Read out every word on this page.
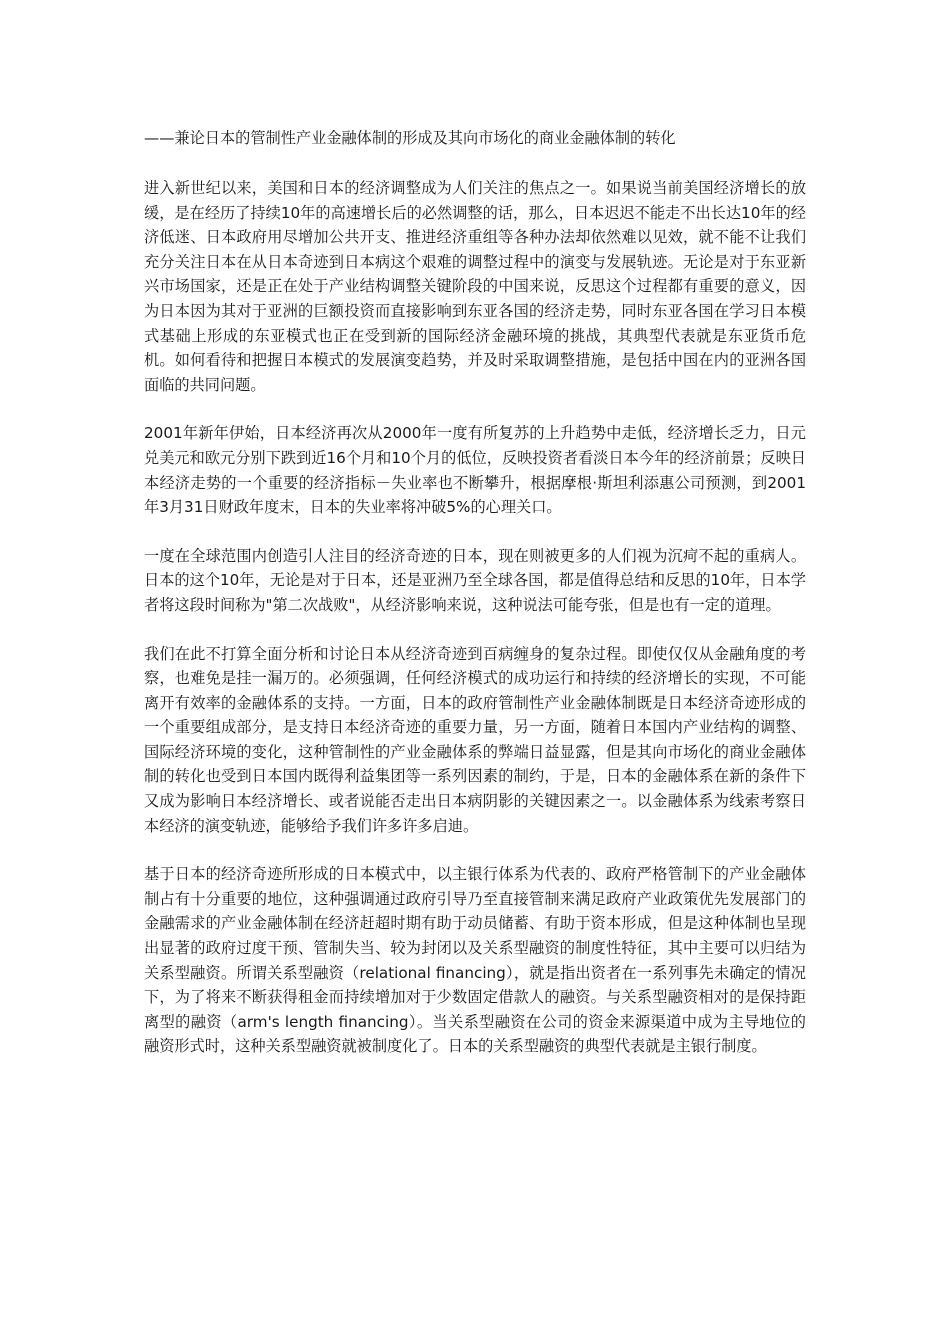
——兼论日本的管制性产业金融体制的形成及其向市场化的商业金融体制的转化

进入新世纪以来，美国和日本的经济调整成为人们关注的焦点之一。如果说当前美国经济增长的放缓，是在经历了持续10年的高速增长后的必然调整的话，那么，日本迟迟不能走不出长达10年的经济低迷、日本政府用尽增加公共开支、推进经济重组等各种办法却依然难以见效，就不能不让我们充分关注日本在从日本奇迹到日本病这个艰难的调整过程中的演变与发展轨迹。无论是对于东亚新兴市场国家，还是正在处于产业结构调整关键阶段的中国来说，反思这个过程都有重要的意义，因为日本因为其对于亚洲的巨额投资而直接影响到东亚各国的经济走势，同时东亚各国在学习日本模式基础上形成的东亚模式也正在受到新的国际经济金融环境的挑战，其典型代表就是东亚货币危机。如何看待和把握日本模式的发展演变趋势，并及时采取调整措施，是包括中国在内的亚洲各国面临的共同问题。

2001年新年伊始，日本经济再次从2000年一度有所复苏的上升趋势中走低，经济增长乏力，日元兑美元和欧元分别下跌到近16个月和10个月的低位，反映投资者看淡日本今年的经济前景；反映日本经济走势的一个重要的经济指标－失业率也不断攀升，根据摩根·斯坦利添惠公司预测，到2001年3月31日财政年度末，日本的失业率将冲破5%的心理关口。

一度在全球范围内创造引人注目的经济奇迹的日本，现在则被更多的人们视为沉疴不起的重病人。日本的这个10年，无论是对于日本，还是亚洲乃至全球各国，都是值得总结和反思的10年，日本学者将这段时间称为"第二次战败"，从经济影响来说，这种说法可能夸张，但是也有一定的道理。

我们在此不打算全面分析和讨论日本从经济奇迹到百病缠身的复杂过程。即使仅仅从金融角度的考察，也难免是挂一漏万的。必须强调，任何经济模式的成功运行和持续的经济增长的实现，不可能离开有效率的金融体系的支持。一方面，日本的政府管制性产业金融体制既是日本经济奇迹形成的一个重要组成部分，是支持日本经济奇迹的重要力量，另一方面，随着日本国内产业结构的调整、国际经济环境的变化，这种管制性的产业金融体系的弊端日益显露，但是其向市场化的商业金融体制的转化也受到日本国内既得利益集团等一系列因素的制约，于是，日本的金融体系在新的条件下又成为影响日本经济增长、或者说能否走出日本病阴影的关键因素之一。以金融体系为线索考察日本经济的演变轨迹，能够给予我们许多许多启迪。

基于日本的经济奇迹所形成的日本模式中，以主银行体系为代表的、政府严格管制下的产业金融体制占有十分重要的地位，这种强调通过政府引导乃至直接管制来满足政府产业政策优先发展部门的金融需求的产业金融体制在经济赶超时期有助于动员储蓄、有助于资本形成，但是这种体制也呈现出显著的政府过度干预、管制失当、较为封闭以及关系型融资的制度性特征，其中主要可以归结为关系型融资。所谓关系型融资（relational financing），就是指出资者在一系列事先未确定的情况下，为了将来不断获得租金而持续增加对于少数固定借款人的融资。与关系型融资相对的是保持距离型的融资（arm's length financing）。当关系型融资在公司的资金来源渠道中成为主导地位的融资形式时，这种关系型融资就被制度化了。日本的关系型融资的典型代表就是主银行制度。
